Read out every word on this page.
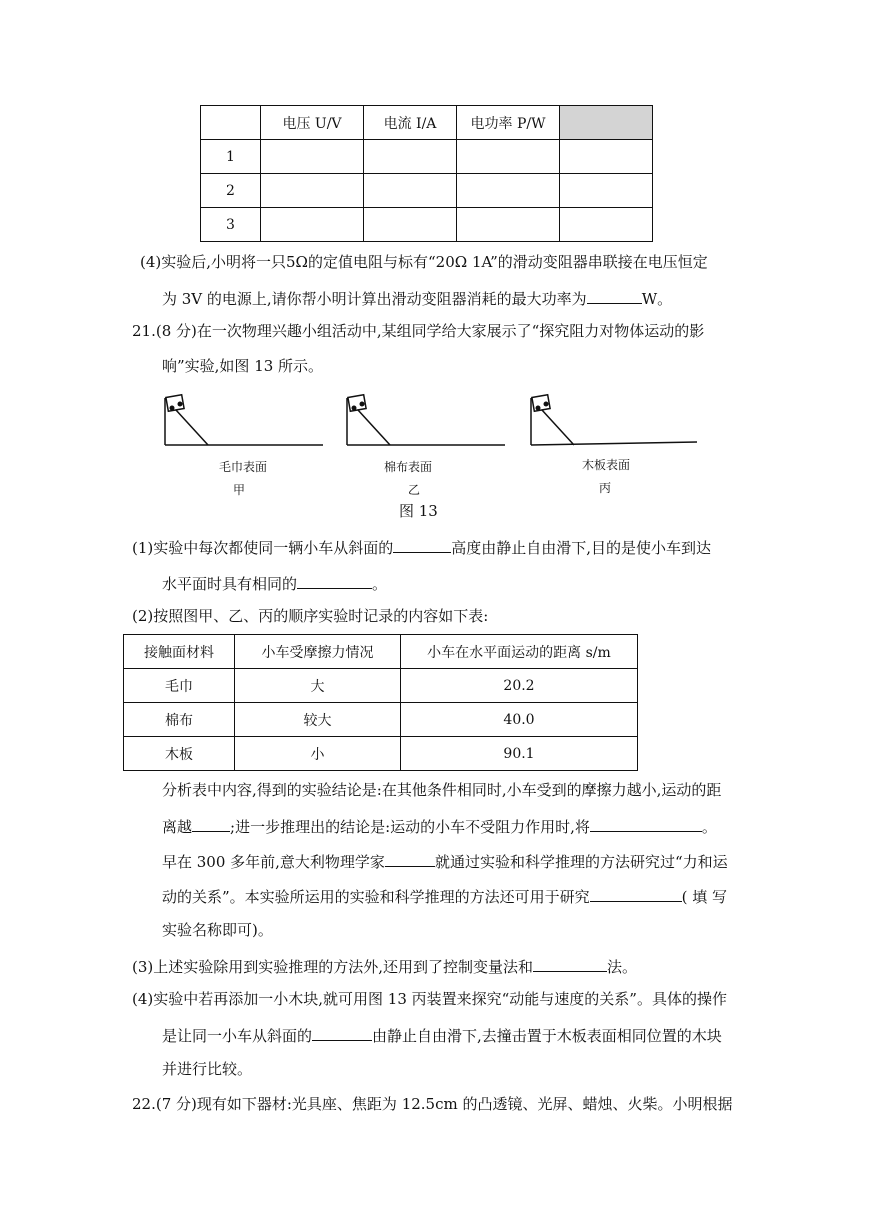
	电压 U/V	电流 I/A	电功率 P/W	
1				
2				
3				
(4)实验后,小明将一只5Ω的定值电阻与标有“20Ω 1A”的滑动变阻器串联接在电压恒定
为 3V 的电源上,请你帮小明计算出滑动变阻器消耗的最大功率为	W。
21.(8 分)在一次物理兴趣小组活动中,某组同学给大家展示了“探究阻力对物体运动的影
响”实验,如图 13 所示。
毛巾表面
甲
棉布表面
乙
木板表面
丙
图 13
(1)实验中每次都使同一辆小车从斜面的	高度由静止自由滑下,目的是使小车到达
水平面时具有相同的	。
(2)按照图甲、乙、丙的顺序实验时记录的内容如下表:
接触面材料	小车受摩擦力情况	小车在水平面运动的距离 s/m
毛巾	大	20.2
棉布	较大	40.0
木板	小	90.1
分析表中内容,得到的实验结论是:在其他条件相同时,小车受到的摩擦力越小,运动的距
离越	;进一步推理出的结论是:运动的小车不受阻力作用时,将	。
早在 300 多年前,意大利物理学家	就通过实验和科学推理的方法研究过“力和运
动的关系”。本实验所运用的实验和科学推理的方法还可用于研究	( 填 写
实验名称即可)。
(3)上述实验除用到实验推理的方法外,还用到了控制变量法和	法。
(4)实验中若再添加一小木块,就可用图 13 丙装置来探究“动能与速度的关系”。具体的操作
是让同一小车从斜面的	由静止自由滑下,去撞击置于木板表面相同位置的木块
并进行比较。
22.(7 分)现有如下器材:光具座、焦距为 12.5cm 的凸透镜、光屏、蜡烛、火柴。小明根据
